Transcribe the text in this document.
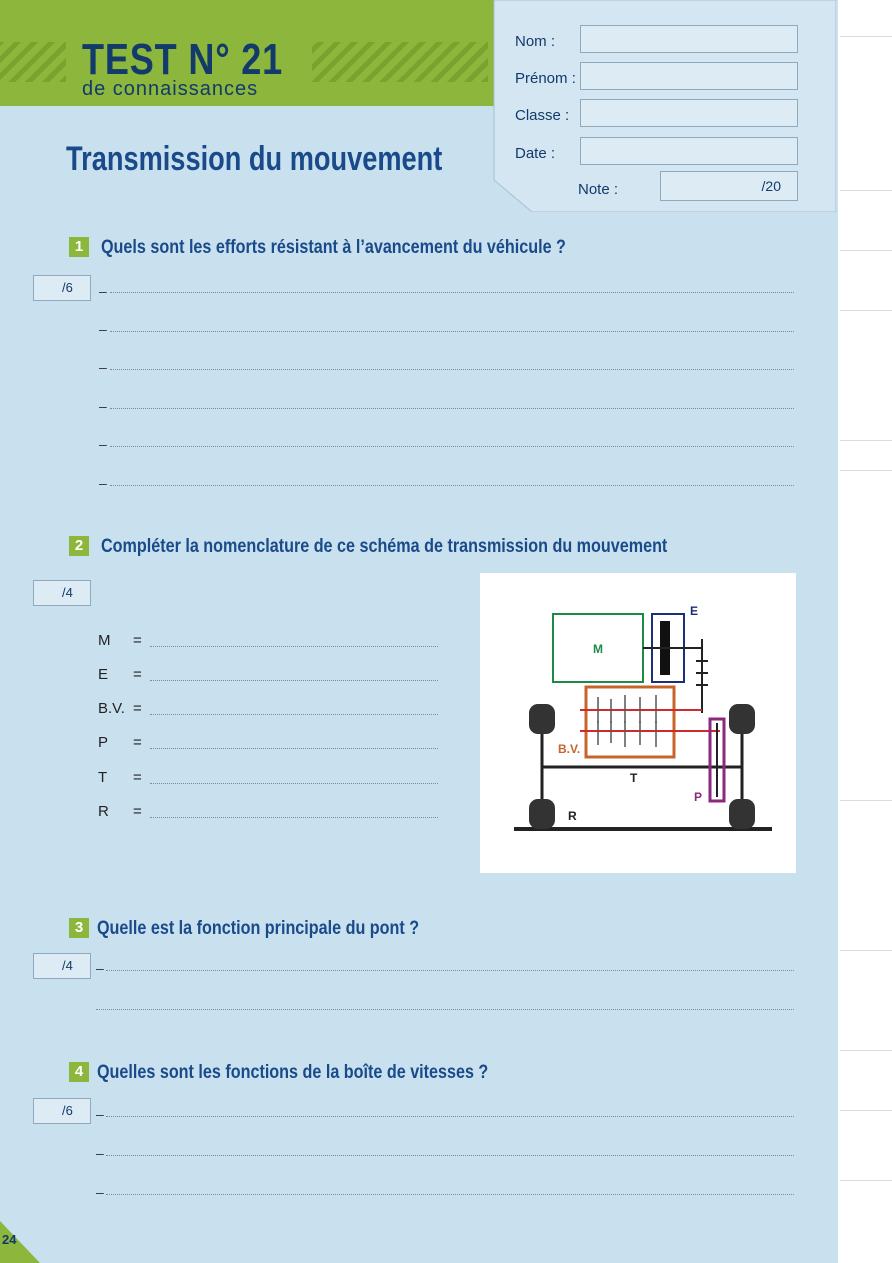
TEST N° 21
de connaissances
Transmission du mouvement
Nom :
Prénom :
Classe :
Date :
Note :	/20
1 Quels sont les efforts résistant à l’avancement du véhicule ?
/6	–
–
–
–
–
–
2 Compléter la nomenclature de ce schéma de transmission du mouvement
/4
M =
E =
B.V. =
P =
T =
R =
M
E
B.V.
P
T
R
3 Quelle est la fonction principale du pont ?
/4	–
4 Quelles sont les fonctions de la boîte de vitesses ?
/6	–
–
–
24
